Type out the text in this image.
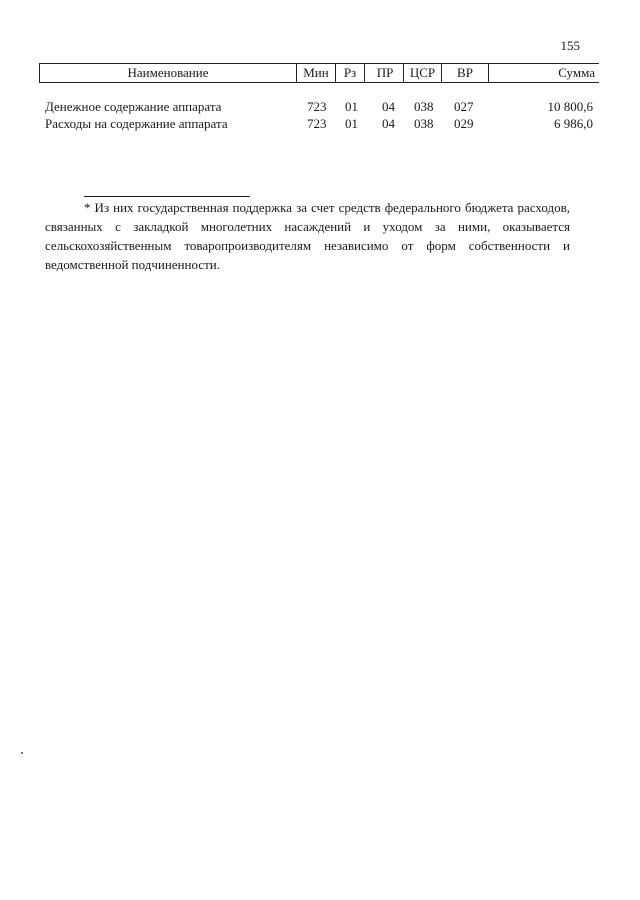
155
Наименование	Мин	Рз	ПР	ЦСР	ВР	Сумма
Денежное содержание аппарата	723 01 04 038 027	10 800,6
Расходы на содержание аппарата	723 01 04 038 029	6 986,0
* Из них государственная поддержка за счет средств федерального бюджета расходов, связанных с закладкой многолетних насаждений и уходом за ними, оказывается сельскохозяйственным товаропроизводителям независимо от форм собственности и ведомственной подчиненности.
